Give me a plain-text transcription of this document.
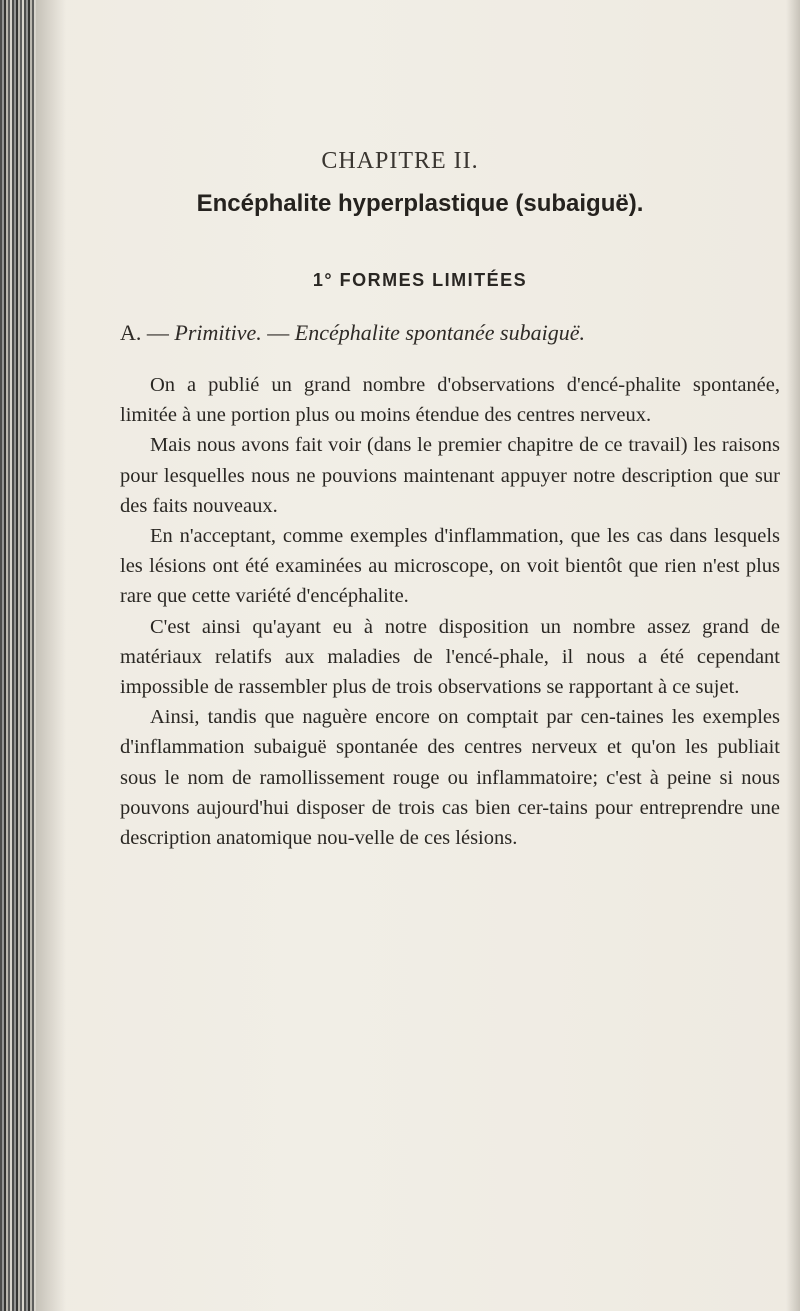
CHAPITRE II.
Encéphalite hyperplastique (subaiguë).
1° FORMES LIMITÉES
A. — Primitive. — Encéphalite spontanée subaiguë.

On a publié un grand nombre d'observations d'encé-phalite spontanée, limitée à une portion plus ou moins étendue des centres nerveux.

Mais nous avons fait voir (dans le premier chapitre de ce travail) les raisons pour lesquelles nous ne pouvions maintenant appuyer notre description que sur des faits nouveaux.

En n'acceptant, comme exemples d'inflammation, que les cas dans lesquels les lésions ont été examinées au microscope, on voit bientôt que rien n'est plus rare que cette variété d'encéphalite.

C'est ainsi qu'ayant eu à notre disposition un nombre assez grand de matériaux relatifs aux maladies de l'encé-phale, il nous a été cependant impossible de rassembler plus de trois observations se rapportant à ce sujet.

Ainsi, tandis que naguère encore on comptait par cen-taines les exemples d'inflammation subaiguë spontanée des centres nerveux et qu'on les publiait sous le nom de ramollissement rouge ou inflammatoire; c'est à peine si nous pouvons aujourd'hui disposer de trois cas bien cer-tains pour entreprendre une description anatomique nou-velle de ces lésions.
